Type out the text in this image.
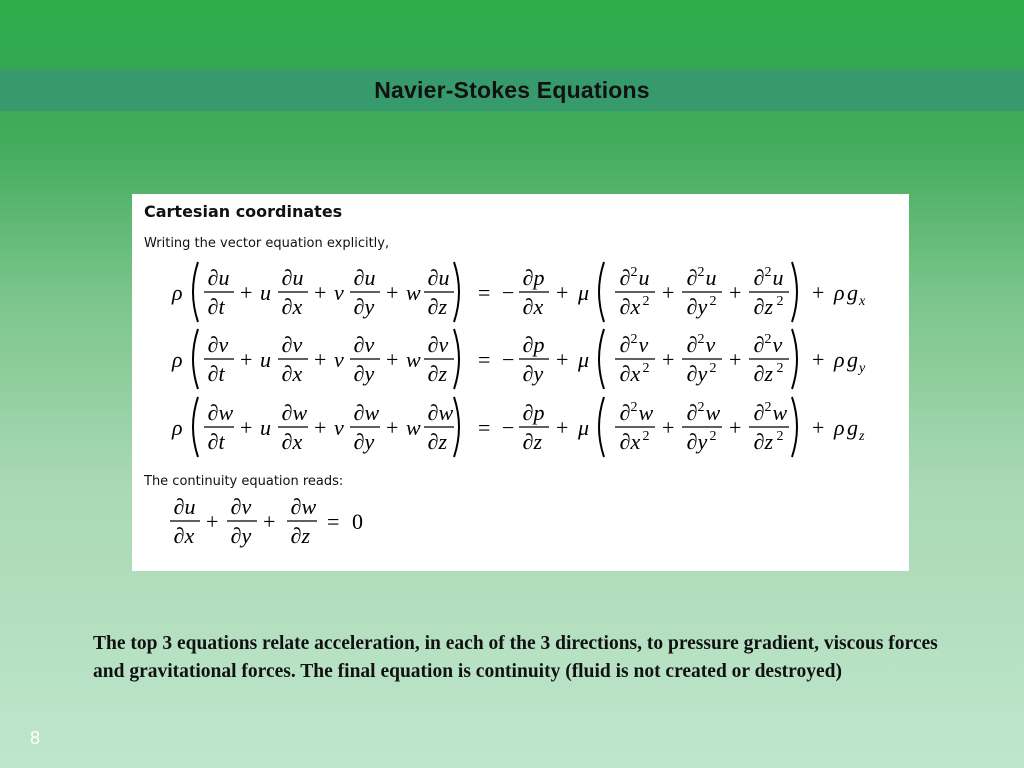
Navier-Stokes Equations

Cartesian coordinates

Writing the vector equation explicitly,

ρ
∂ u
∂ t
+ u
∂ u
∂ x
+ v
∂ u
∂ y
+ w
∂ u
∂ z
= −
∂ p
∂ x
+ μ
∂ 2 u
∂ x 2 +
∂ 2 u
∂ y 2 +
∂ 2 u
∂ z 2 + ρ g x
ρ
∂ v
∂ t
+ u
∂ v
∂ x
+ v
∂ v
∂ y
+ w
∂ v
∂ z
= −
∂ p
∂ y
+ μ
∂ 2 v
∂ x 2 +
∂ 2 v
∂ y 2 +
∂ 2 v
∂ z 2 + ρ g y
ρ
∂ w
∂ t
+ u
∂ w
∂ x
+ v
∂ w
∂ y
+ w
∂ w
∂ z
= −
∂ p
∂ z
+ μ
∂ 2 w
∂ x 2 +
∂ 2 w
∂ y 2 +
∂ 2 w
∂ z 2 + ρ g z
∂ u
∂ x
+
∂ v
∂ y
+
∂ w
∂ z
= 0

The continuity equation reads:

The top 3 equations relate acceleration, in each of the 3 directions, to pressure gradient, viscous forces and gravitational forces. The final equation is continuity (fluid is not created or destroyed)

8
